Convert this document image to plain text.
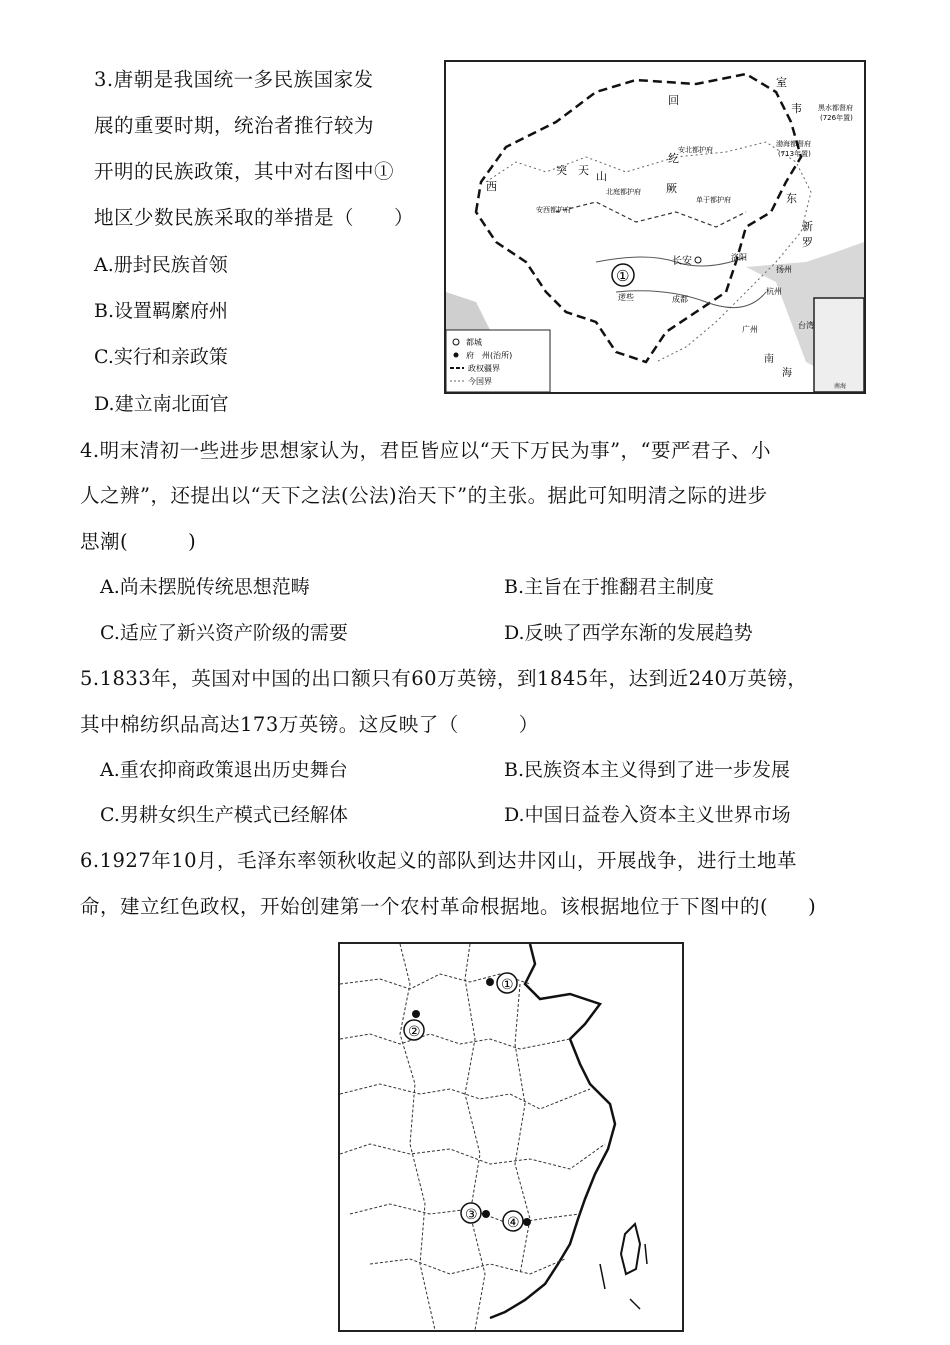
3.唐朝是我国统一多民族国家发
展的重要时期，统治者推行较为
开明的民族政策，其中对右图中①
地区少数民族采取的举措是（　　）
A.册封民族首领
B.设置羁縻府州
C.实行和亲政策
D.建立南北面官
都城
府　州(治所)
政权疆界
今国界
室
韦 黑水都督府
(726年置)
渤海都督府
(713年置)
回
纥
安北都护府
单于都护府
西
突
厥
天 山
北庭都护府
安西都护府
东
新
罗
长安
扬州
洛阳
杭州
广州
成都
①
逻些
南
海
台湾
南海
4.明末清初一些进步思想家认为，君臣皆应以“天下万民为事”，“要严君子、小
人之辨”，还提出以“天下之法(公法)治天下”的主张。据此可知明清之际的进步
思潮(　　　)
A.尚未摆脱传统思想范畴	B.主旨在于推翻君主制度
C.适应了新兴资产阶级的需要	D.反映了西学东渐的发展趋势
5.1833年，英国对中国的出口额只有60万英镑，到1845年，达到近240万英镑，
其中棉纺织品高达173万英镑。这反映了（　　　）
A.重农抑商政策退出历史舞台	B.民族资本主义得到了进一步发展
C.男耕女织生产模式已经解体	D.中国日益卷入资本主义世界市场
6.1927年10月，毛泽东率领秋收起义的部队到达井冈山，开展战争，进行土地革
命，建立红色政权，开始创建第一个农村革命根据地。该根据地位于下图中的(　　)
①
②
③ ④
